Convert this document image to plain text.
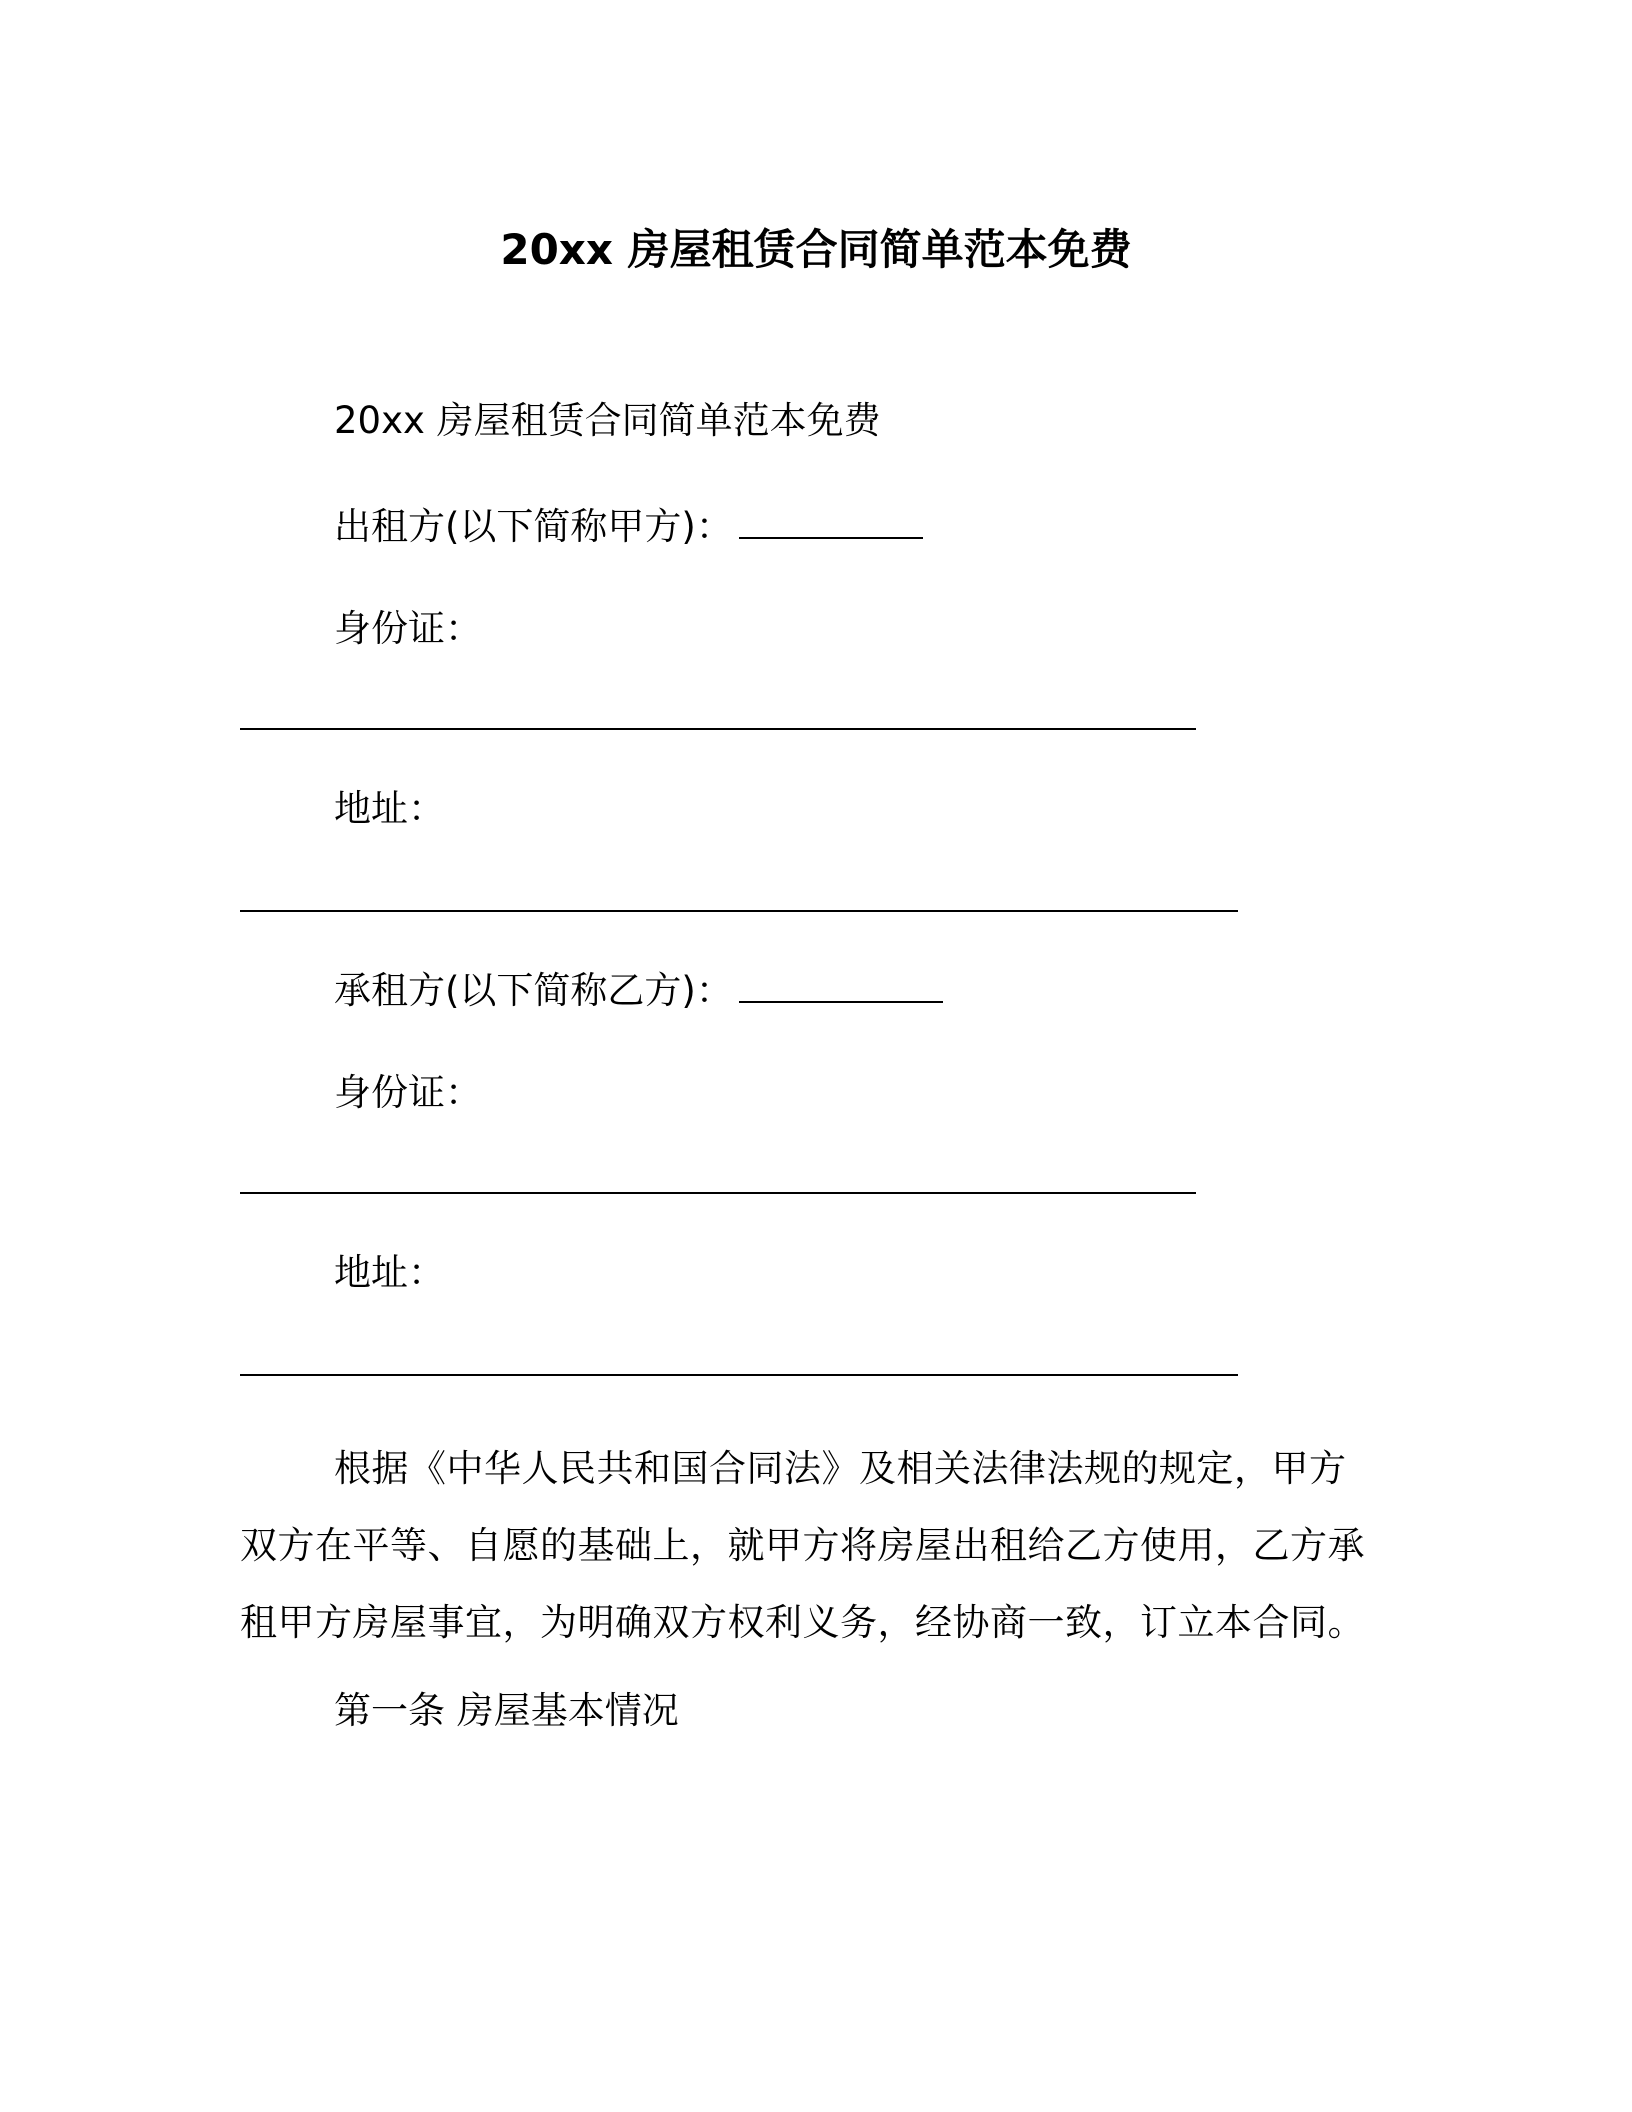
20xx 房屋租赁合同简单范本免费
20xx 房屋租赁合同简单范本免费
出租方(以下简称甲方)：
身份证：
地址：
承租方(以下简称乙方)：
身份证：
地址：
根据《中华人民共和国合同法》及相关法律法规的规定，甲方双方在平等、自愿的基础上，就甲方将房屋出租给乙方使用，乙方承租甲方房屋事宜，为明确双方权利义务，经协商一致，订立本合同。
第一条 房屋基本情况
